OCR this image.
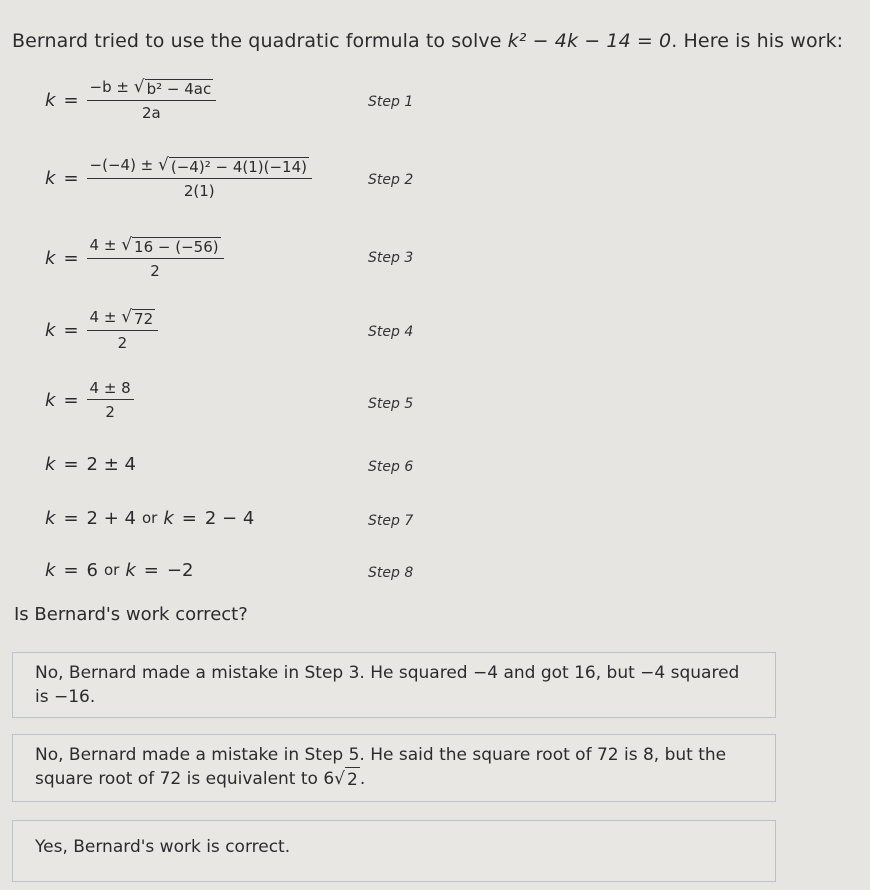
Bernard tried to use the quadratic formula to solve k² − 4k − 14 = 0. Here is his work:
$k = \frac{\text{−b ± √ b² − 4ac}}{2a}$	Step 1
$k = \frac{\text{−(−4) ± √ (−4)² − 4(1)(−14)}}{2(1)}$	Step 2
$k = \frac{4 \pm √ 16 - (-56)}{2}$	Step 3
$k = \frac{4 \pm √ 72}{2}$	Step 4
$k = \frac{4 \pm 8}{2}$	Step 5
k = 2 ± 4	Step 6
k = 2 + 4 or k = 2 − 4	Step 7
k = 6 or k = −2	Step 8
Is Bernard's work correct?
No, Bernard made a mistake in Step 3. He squared −4 and got 16, but −4 squared is −16.
No, Bernard made a mistake in Step 5. He said the square root of 72 is 8, but the square root of 72 is equivalent to 6√ 2 .
Yes, Bernard's work is correct.
